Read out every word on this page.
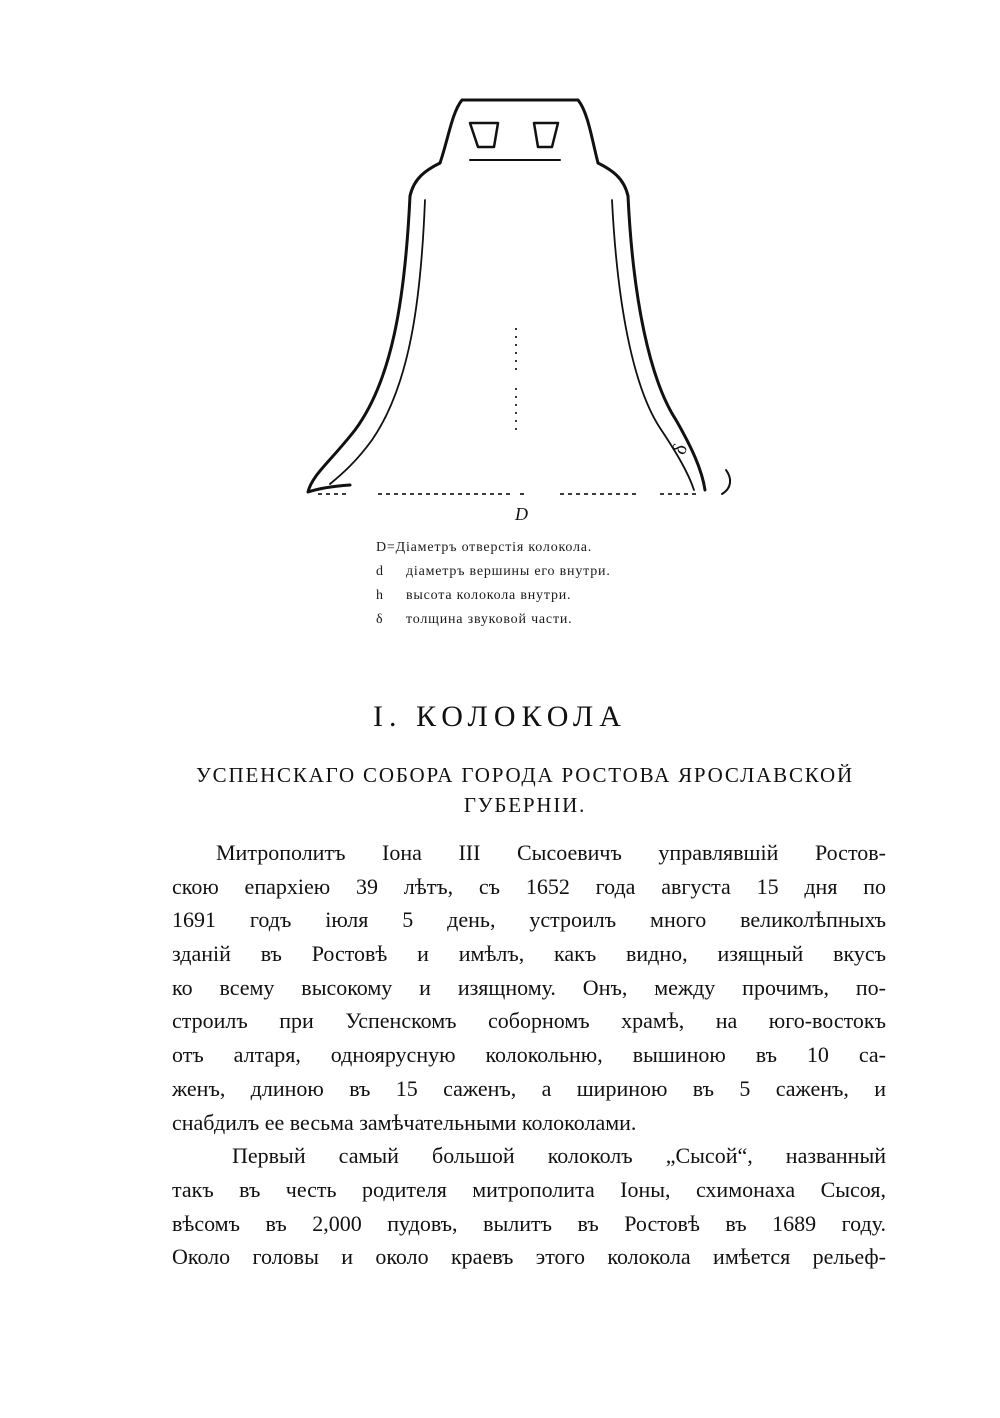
δ
D
D= Діаметръ отверстія колокола.
d	діаметръ вершины его внутри.
h	высота колокола внутри.
δ	толщина звуковой части.
I. КОЛОКОЛА
УСПЕНСКАГО СОБОРА ГОРОДА РОСТОВА ЯРОСЛАВСКОЙ
ГУБЕРНІИ.
Митрополитъ Іона III Сысоевичъ управлявшій Ростов-
скою епархіею 39 лѣтъ, съ 1652 года августа 15 дня по
1691 годъ іюля 5 день, устроилъ много великолѣпныхъ
зданій въ Ростовѣ и имѣлъ, какъ видно, изящный вкусъ
ко всему высокому и изящному. Онъ, между прочимъ, по-
строилъ при Успенскомъ соборномъ храмѣ, на юго-востокъ
отъ алтаря, одноярусную колокольню, вышиною въ 10 са-
женъ, длиною въ 15 саженъ, а шириною въ 5 саженъ, и
снабдилъ ее весьма замѣчательными колоколами.
Первый самый большой колоколъ „Сысой“, названный
такъ въ честь родителя митрополита Іоны, схимонаха Сысоя,
вѣсомъ въ 2,000 пудовъ, вылитъ въ Ростовѣ въ 1689 году.
Около головы и около краевъ этого колокола имѣется рельеф-
